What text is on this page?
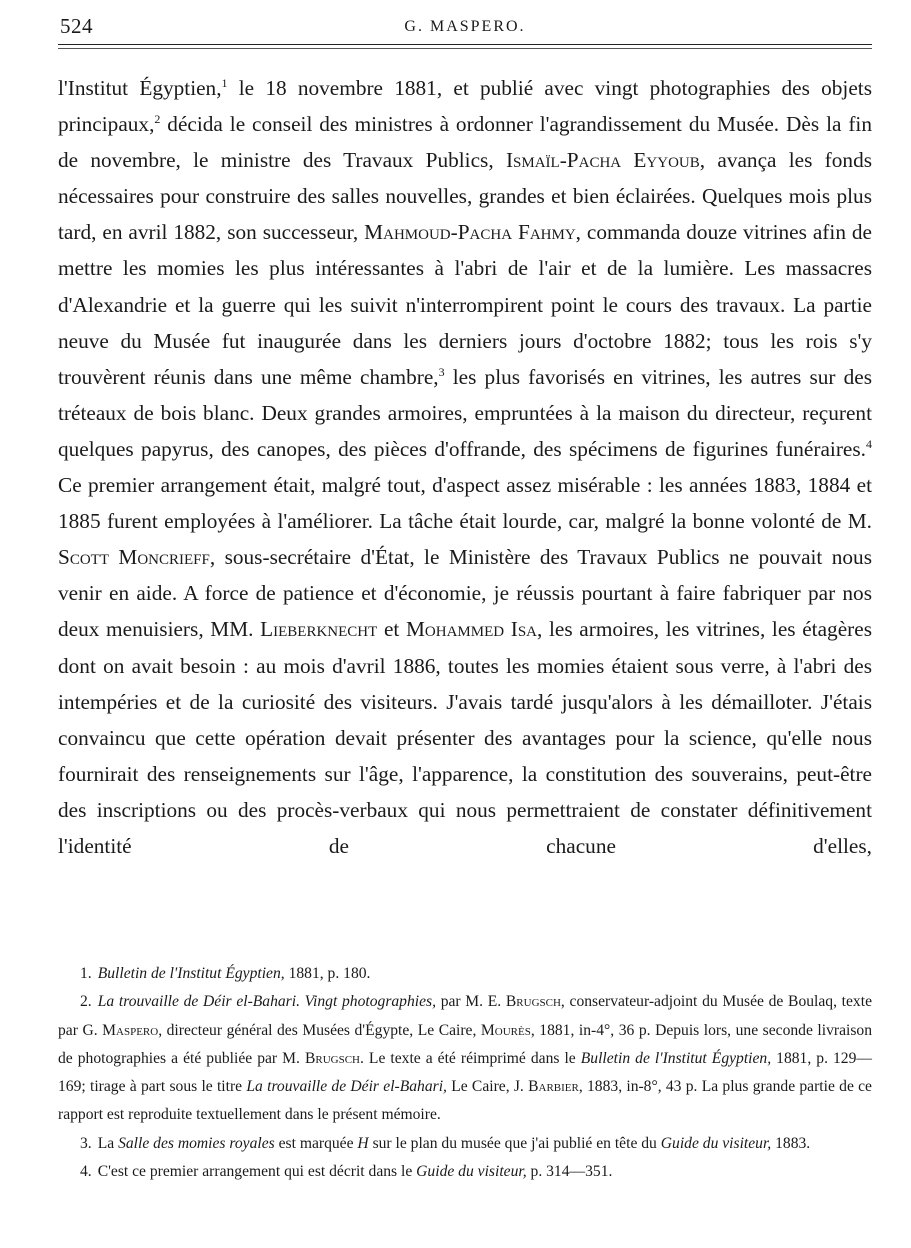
524	G. MASPERO.

l'Institut Égyptien,$^1$ le 18 novembre 1881, et publié avec vingt photographies des objets principaux,$^2$ décida le conseil des ministres à ordonner l'agrandissement du Musée. Dès la fin de novembre, le ministre des Travaux Publics, Ismaïl-Pacha Eyyoub, avança les fonds nécessaires pour construire des salles nouvelles, grandes et bien éclairées. Quelques mois plus tard, en avril 1882, son successeur, Mahmoud-Pacha Fahmy, commanda douze vitrines afin de mettre les momies les plus intéressantes à l'abri de l'air et de la lumière. Les massacres d'Alexandrie et la guerre qui les suivit n'interrompirent point le cours des travaux. La partie neuve du Musée fut inaugurée dans les derniers jours d'octobre 1882; tous les rois s'y trouvèrent réunis dans une même chambre,$^3$ les plus favorisés en vitrines, les autres sur des tréteaux de bois blanc. Deux grandes armoires, empruntées à la maison du directeur, reçurent quelques papyrus, des canopes, des pièces d'offrande, des spécimens de figurines funéraires.$^4$ Ce premier arrangement était, malgré tout, d'aspect assez misérable : les années 1883, 1884 et 1885 furent employées à l'améliorer. La tâche était lourde, car, malgré la bonne volonté de M. Scott Moncrieff, sous-secrétaire d'État, le Ministère des Travaux Publics ne pouvait nous venir en aide. A force de patience et d'économie, je réussis pourtant à faire fabriquer par nos deux menuisiers, MM. Lieberknecht et Mohammed Isa, les armoires, les vitrines, les étagères dont on avait besoin : au mois d'avril 1886, toutes les momies étaient sous verre, à l'abri des intempéries et de la curiosité des visiteurs. J'avais tardé jusqu'alors à les démailloter. J'étais convaincu que cette opération devait présenter des avantages pour la science, qu'elle nous fournirait des renseignements sur l'âge, l'apparence, la constitution des souverains, peut-être des inscriptions ou des procès-verbaux qui nous permettraient de constater définitivement l'identité de chacune d'elles,

1. Bulletin de l'Institut Égyptien, 1881, p. 180.
2. La trouvaille de Déir el-Bahari. Vingt photographies, par M. E. Brugsch, conservateur-adjoint du Musée de Boulaq, texte par G. Maspero, directeur général des Musées d'Égypte, Le Caire, Mourès, 1881, in-4°, 36 p. Depuis lors, une seconde livraison de photographies a été publiée par M. Brugsch. Le texte a été réimprimé dans le Bulletin de l'Institut Égyptien, 1881, p. 129—169; tirage à part sous le titre La trouvaille de Déir el-Bahari, Le Caire, J. Barbier, 1883, in-8°, 43 p. La plus grande partie de ce rapport est reproduite textuellement dans le présent mémoire.
3. La Salle des momies royales est marquée H sur le plan du musée que j'ai publié en tête du Guide du visiteur, 1883.
4. C'est ce premier arrangement qui est décrit dans le Guide du visiteur, p. 314—351.
